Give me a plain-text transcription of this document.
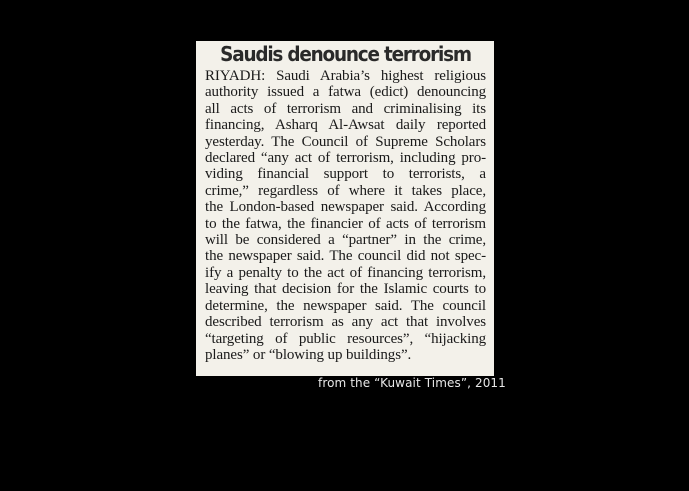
Saudis denounce terrorism
RIYADH: Saudi Arabia’s highest religious
authority issued a fatwa (edict) denouncing
all acts of terrorism and criminalising its
financing, Asharq Al-Awsat daily reported
yesterday. The Council of Supreme Scholars
declared “any act of terrorism, including pro-
viding financial support to terrorists, a
crime,” regardless of where it takes place,
the London-based newspaper said. According
to the fatwa, the financier of acts of terrorism
will be considered a “partner” in the crime,
the newspaper said. The council did not spec-
ify a penalty to the act of financing terrorism,
leaving that decision for the Islamic courts to
determine, the newspaper said. The council
described terrorism as any act that involves
“targeting of public resources”, “hijacking
planes” or “blowing up buildings”.
from the “Kuwait Times”, 2011
